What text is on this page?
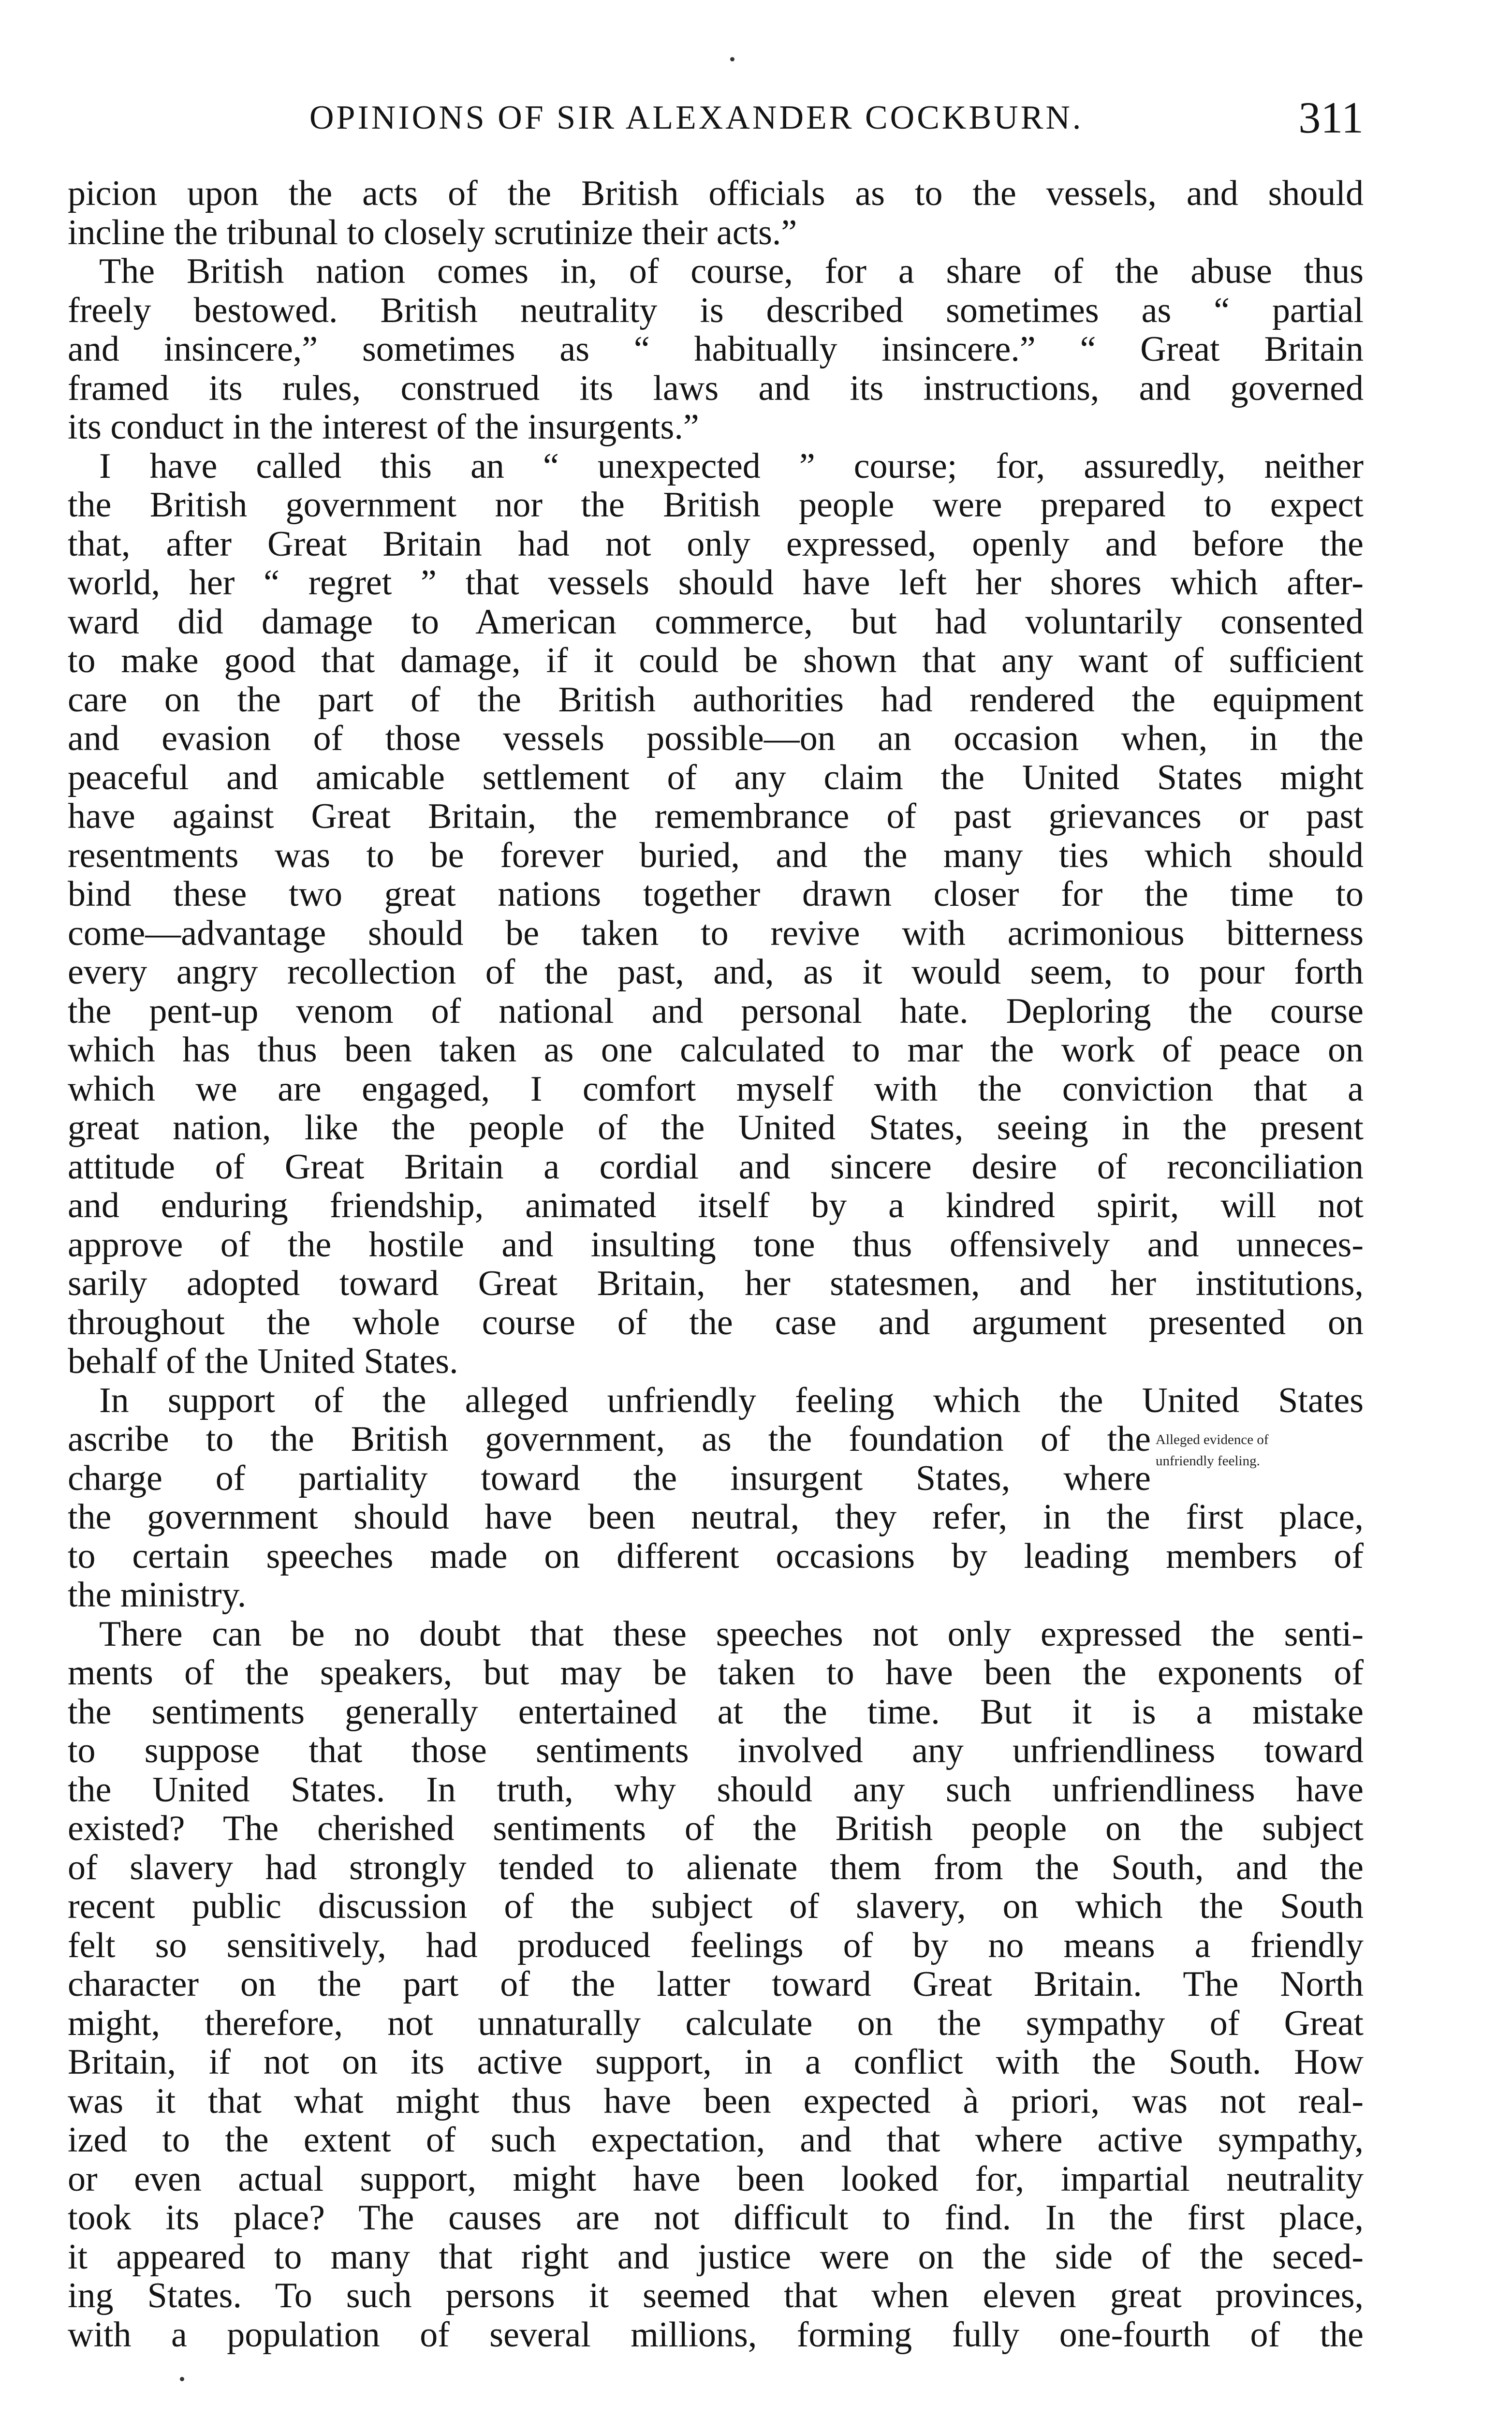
OPINIONS OF SIR ALEXANDER COCKBURN.	311
picion upon the acts of the British officials as to the vessels, and should
incline the tribunal to closely scrutinize their acts.”
The British nation comes in, of course, for a share of the abuse thus
freely bestowed. British neutrality is described sometimes as “ partial
and insincere,” sometimes as “ habitually insincere.” “ Great Britain
framed its rules, construed its laws and its instructions, and governed
its conduct in the interest of the insurgents.”
I have called this an “ unexpected ” course; for, assuredly, neither
the British government nor the British people were prepared to expect
that, after Great Britain had not only expressed, openly and before the
world, her “ regret ” that vessels should have left her shores which after-
ward did damage to American commerce, but had voluntarily consented
to make good that damage, if it could be shown that any want of sufficient
care on the part of the British authorities had rendered the equipment
and evasion of those vessels possible—on an occasion when, in the
peaceful and amicable settlement of any claim the United States might
have against Great Britain, the remembrance of past grievances or past
resentments was to be forever buried, and the many ties which should
bind these two great nations together drawn closer for the time to
come—advantage should be taken to revive with acrimonious bitterness
every angry recollection of the past, and, as it would seem, to pour forth
the pent-up venom of national and personal hate. Deploring the course
which has thus been taken as one calculated to mar the work of peace on
which we are engaged, I comfort myself with the conviction that a
great nation, like the people of the United States, seeing in the present
attitude of Great Britain a cordial and sincere desire of reconciliation
and enduring friendship, animated itself by a kindred spirit, will not
approve of the hostile and insulting tone thus offensively and unneces-
sarily adopted toward Great Britain, her statesmen, and her institutions,
throughout the whole course of the case and argument presented on
behalf of the United States.
In support of the alleged unfriendly feeling which the United States
ascribe to the British government, as the foundation of the
charge of partiality toward the insurgent States, where
the government should have been neutral, they refer, in the first place,
to certain speeches made on different occasions by leading members of
the ministry.
There can be no doubt that these speeches not only expressed the senti-
ments of the speakers, but may be taken to have been the exponents of
the sentiments generally entertained at the time. But it is a mistake
to suppose that those sentiments involved any unfriendliness toward
the United States. In truth, why should any such unfriendliness have
existed? The cherished sentiments of the British people on the subject
of slavery had strongly tended to alienate them from the South, and the
recent public discussion of the subject of slavery, on which the South
felt so sensitively, had produced feelings of by no means a friendly
character on the part of the latter toward Great Britain. The North
might, therefore, not unnaturally calculate on the sympathy of Great
Britain, if not on its active support, in a conflict with the South. How
was it that what might thus have been expected à priori, was not real-
ized to the extent of such expectation, and that where active sympathy,
or even actual support, might have been looked for, impartial neutrality
took its place? The causes are not difficult to find. In the first place,
it appeared to many that right and justice were on the side of the seced-
ing States. To such persons it seemed that when eleven great provinces,
with a population of several millions, forming fully one-fourth of the
Alleged evidence of
unfriendly feeling.
